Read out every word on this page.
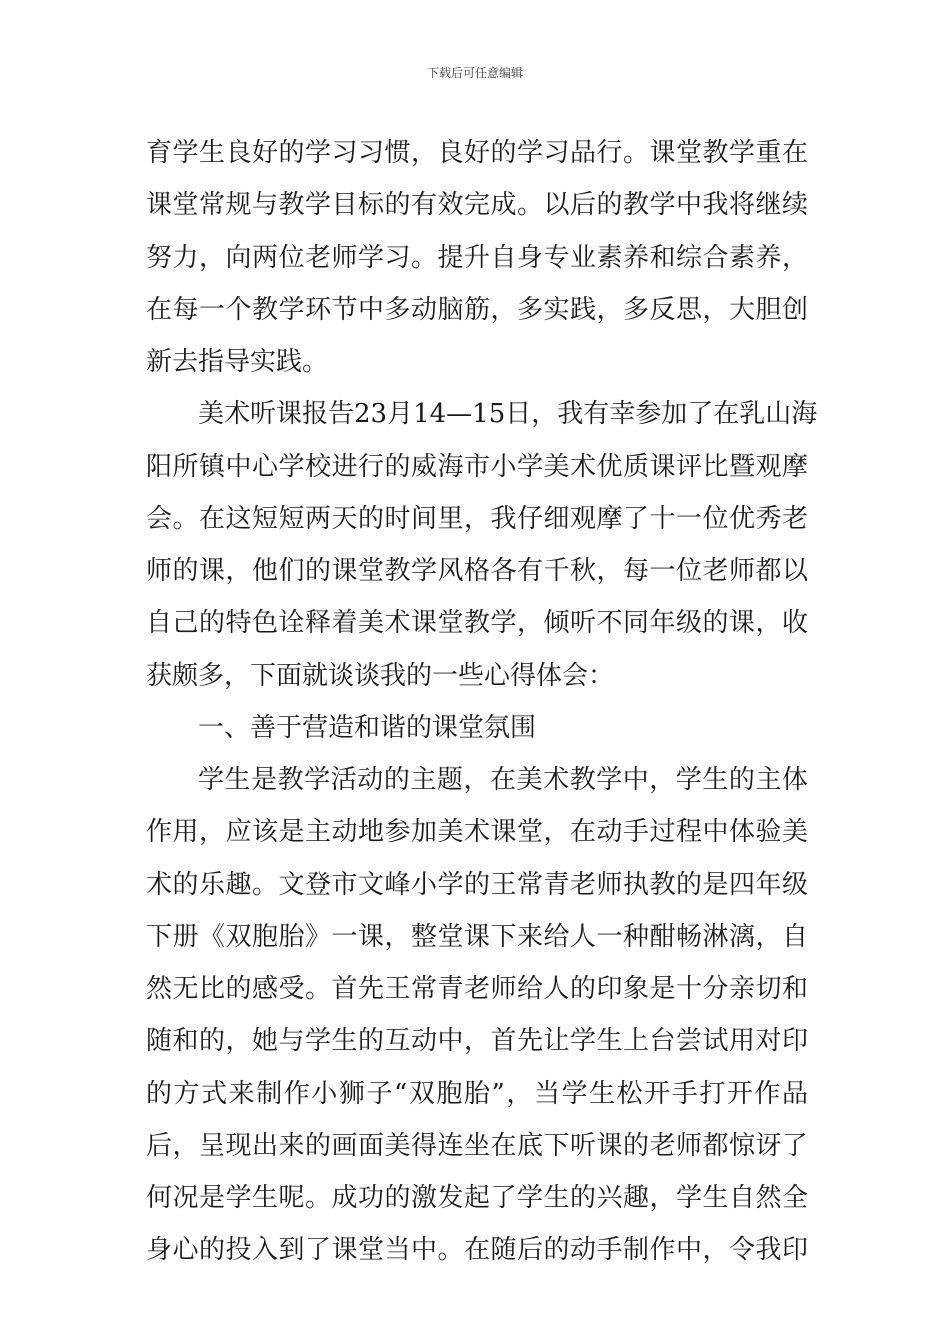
下载后可任意编辑
育学生良好的学习习惯，良好的学习品行。课堂教学重在
课堂常规与教学目标的有效完成。以后的教学中我将继续
努力，向两位老师学习。提升自身专业素养和综合素养，
在每一个教学环节中多动脑筋，多实践，多反思，大胆创
新去指导实践。
美术听课报告23月14—15日，我有幸参加了在乳山海
阳所镇中心学校进行的威海市小学美术优质课评比暨观摩
会。在这短短两天的时间里，我仔细观摩了十一位优秀老
师的课，他们的课堂教学风格各有千秋，每一位老师都以
自己的特色诠释着美术课堂教学，倾听不同年级的课，收
获颇多，下面就谈谈我的一些心得体会：
一、善于营造和谐的课堂氛围
学生是教学活动的主题，在美术教学中，学生的主体
作用，应该是主动地参加美术课堂，在动手过程中体验美
术的乐趣。文登市文峰小学的王常青老师执教的是四年级
下册《双胞胎》一课，整堂课下来给人一种酣畅淋漓，自
然无比的感受。首先王常青老师给人的印象是十分亲切和
随和的，她与学生的互动中，首先让学生上台尝试用对印
的方式来制作小狮子“双胞胎”，当学生松开手打开作品
后，呈现出来的画面美得连坐在底下听课的老师都惊讶了
何况是学生呢。成功的激发起了学生的兴趣，学生自然全
身心的投入到了课堂当中。在随后的动手制作中，令我印
